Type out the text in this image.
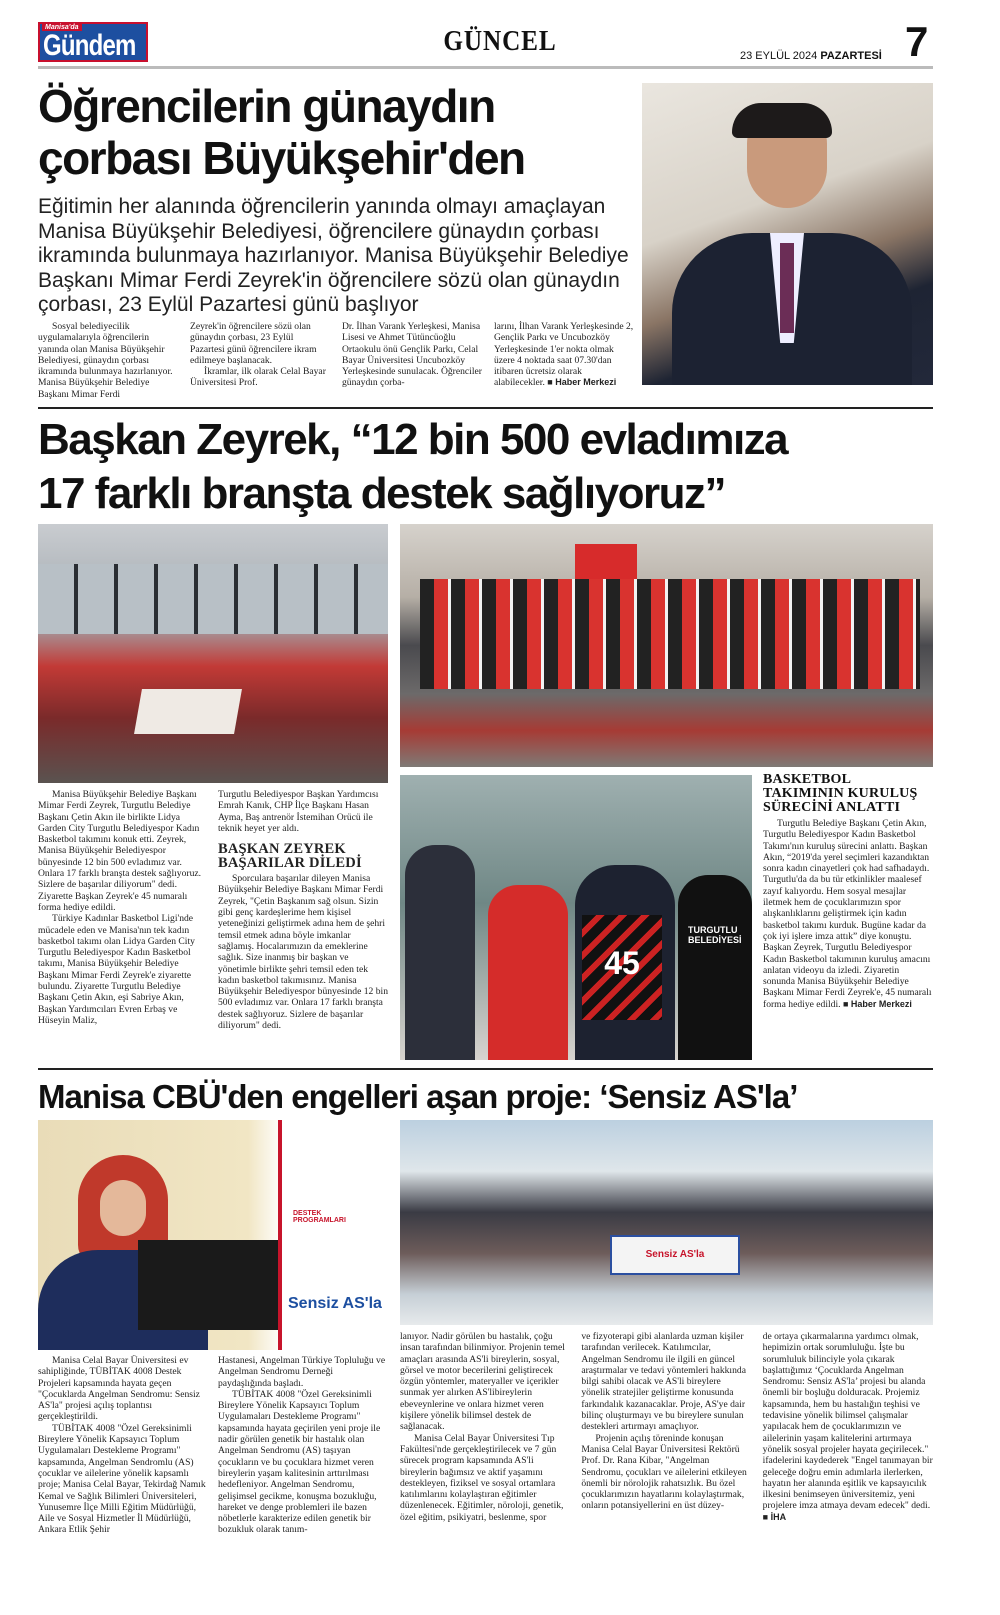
Manisa'da
Gündem	GÜNCEL	23 EYLÜL 2024 PAZARTESİ 7
Öğrencilerin günaydın
çorbası Büyükşehir'den
Eğitimin her alanında öğrencilerin yanında olmayı amaçlayan Manisa Büyükşehir Belediyesi, öğrencilere günaydın çorbası ikramında bulunmaya hazırlanıyor. Manisa Büyükşehir Belediye Başkanı Mimar Ferdi Zeyrek'in öğrencilere sözü olan günaydın çorbası, 23 Eylül Pazartesi günü başlıyor

Sosyal belediyecilik uygulamalarıyla öğrencilerin yanında olan Manisa Büyükşehir Belediyesi, günaydın çorbası ikramında bulunmaya hazırlanıyor. Manisa Büyükşehir Belediye Başkanı Mimar Ferdi

Zeyrek'in öğrencilere sözü olan günaydın çorbası, 23 Eylül Pazartesi günü öğrencilere ikram edilmeye başlanacak.

İkramlar, ilk olarak Celal Bayar Üniversitesi Prof.

Dr. İlhan Varank Yerleşkesi, Manisa Lisesi ve Ahmet Tütüncüoğlu Ortaokulu önü Gençlik Parkı, Celal Bayar Üniversitesi Uncubozköy Yerleşkesinde sunulacak. Öğrenciler günaydın çorba-

larını, İlhan Varank Yerleşkesinde 2, Gençlik Parkı ve Uncubozköy Yerleşkesinde 1'er nokta olmak üzere 4 noktada saat 07.30'dan itibaren ücretsiz olarak alabilecekler. ■ Haber Merkezi

Başkan Zeyrek, “12 bin 500 evladımıza
17 farklı branşta destek sağlıyoruz”
45
TURGUTLU BELEDİYESİ

Manisa Büyükşehir Belediye Başkanı Mimar Ferdi Zeyrek, Turgutlu Belediye Başkanı Çetin Akın ile birlikte Lidya Garden City Turgutlu Belediyespor Kadın Basketbol takımını konuk etti. Zeyrek, Manisa Büyükşehir Belediyespor bünyesinde 12 bin 500 evladımız var. Onlara 17 farklı branşta destek sağlıyoruz. Sizlere de başarılar diliyorum" dedi. Ziyarette Başkan Zeyrek'e 45 numaralı forma hediye edildi.

Türkiye Kadınlar Basketbol Ligi'nde mücadele eden ve Manisa'nın tek kadın basketbol takımı olan Lidya Garden City Turgutlu Belediyespor Kadın Basketbol takımı, Manisa Büyükşehir Belediye Başkanı Mimar Ferdi Zeyrek'e ziyarette bulundu. Ziyarette Turgutlu Belediye Başkanı Çetin Akın, eşi Sabriye Akın, Başkan Yardımcıları Evren Erbaş ve Hüseyin Maliz,

Turgutlu Belediyespor Başkan Yardımcısı Emrah Kanık, CHP İlçe Başkanı Hasan Ayma, Baş antrenör İstemihan Orücü ile teknik heyet yer aldı.

BAŞKAN ZEYREK BAŞARILAR DİLEDİ

Sporculara başarılar dileyen Manisa Büyükşehir Belediye Başkanı Mimar Ferdi Zeyrek, "Çetin Başkanım sağ olsun. Sizin gibi genç kardeşlerime hem kişisel yeteneğinizi geliştirmek adına hem de şehri temsil etmek adına böyle imkanlar sağlamış. Hocalarımızın da emeklerine sağlık. Size inanmış bir başkan ve yönetimle birlikte şehri temsil eden tek kadın basketbol takımısınız. Manisa Büyükşehir Belediyespor bünyesinde 12 bin 500 evladımız var. Onlara 17 farklı branşta destek sağlıyoruz. Sizlere de başarılar diliyorum" dedi.

BASKETBOL TAKIMININ KURULUŞ SÜRECİNİ ANLATTI

Turgutlu Belediye Başkanı Çetin Akın, Turgutlu Belediyespor Kadın Basketbol Takımı'nın kuruluş sürecini anlattı. Başkan Akın, “2019'da yerel seçimleri kazandıktan sonra kadın cinayetleri çok had safhadaydı. Turgutlu'da da bu tür etkinlikler maalesef zayıf kalıyordu. Hem sosyal mesajlar iletmek hem de çocuklarımızın spor alışkanlıklarını geliştirmek için kadın basketbol takımı kurduk. Bugüne kadar da çok iyi işlere imza attık” diye konuştu. Başkan Zeyrek, Turgutlu Belediyespor Kadın Basketbol takımının kuruluş amacını anlatan videoyu da izledi. Ziyaretin sonunda Manisa Büyükşehir Belediye Başkanı Mimar Ferdi Zeyrek'e, 45 numaralı forma hediye edildi. ■ Haber Merkezi

Manisa CBÜ'den engelleri aşan proje: ‘Sensiz AS'la’
Sensiz AS'la
DESTEK PROGRAMLARI
Sensiz AS'la

Manisa Celal Bayar Üniversitesi ev sahipliğinde, TÜBİTAK 4008 Destek Projeleri kapsamında hayata geçen "Çocuklarda Angelman Sendromu: Sensiz AS'la" projesi açılış toplantısı gerçekleştirildi.

TÜBİTAK 4008 "Özel Gereksinimli Bireylere Yönelik Kapsayıcı Toplum Uygulamaları Destekleme Programı" kapsamında, Angelman Sendromlu (AS) çocuklar ve ailelerine yönelik kapsamlı proje; Manisa Celal Bayar, Tekirdağ Namık Kemal ve Sağlık Bilimleri Üniversiteleri, Yunusemre İlçe Milli Eğitim Müdürlüğü, Aile ve Sosyal Hizmetler İl Müdürlüğü, Ankara Etlik Şehir

Hastanesi, Angelman Türkiye Topluluğu ve Angelman Sendromu Derneği paydaşlığında başladı.

TÜBİTAK 4008 "Özel Gereksinimli Bireylere Yönelik Kapsayıcı Toplum Uygulamaları Destekleme Programı" kapsamında hayata geçirilen yeni proje ile nadir görülen genetik bir hastalık olan Angelman Sendromu (AS) taşıyan çocukların ve bu çocuklara hizmet veren bireylerin yaşam kalitesinin arttırılması hedefleniyor. Angelman Sendromu, gelişimsel gecikme, konuşma bozukluğu, hareket ve denge problemleri ile bazen nöbetlerle karakterize edilen genetik bir bozukluk olarak tanım-

lanıyor. Nadir görülen bu hastalık, çoğu insan tarafından bilinmiyor. Projenin temel amaçları arasında AS'li bireylerin, sosyal, görsel ve motor becerilerini geliştirecek özgün yöntemler, materyaller ve içerikler sunmak yer alırken AS'libireylerin ebeveynlerine ve onlara hizmet veren kişilere yönelik bilimsel destek de sağlanacak.

Manisa Celal Bayar Üniversitesi Tıp Fakültesi'nde gerçekleştirilecek ve 7 gün sürecek program kapsamında AS'li bireylerin bağımsız ve aktif yaşamını destekleyen, fiziksel ve sosyal ortamlara katılımlarını kolaylaştıran eğitimler düzenlenecek. Eğitimler, nöroloji, genetik, özel eğitim, psikiyatri, beslenme, spor

ve fizyoterapi gibi alanlarda uzman kişiler tarafından verilecek. Katılımcılar, Angelman Sendromu ile ilgili en güncel araştırmalar ve tedavi yöntemleri hakkında bilgi sahibi olacak ve AS'li bireylere yönelik stratejiler geliştirme konusunda farkındalık kazanacaklar. Proje, AS'ye dair bilinç oluşturmayı ve bu bireylere sunulan destekleri artırmayı amaçlıyor.

Projenin açılış töreninde konuşan Manisa Celal Bayar Üniversitesi Rektörü Prof. Dr. Rana Kibar, "Angelman Sendromu, çocukları ve ailelerini etkileyen önemli bir nörolojik rahatsızlık. Bu özel çocuklarımızın hayatlarını kolaylaştırmak, onların potansiyellerini en üst düzey-

de ortaya çıkarmalarına yardımcı olmak, hepimizin ortak sorumluluğu. İşte bu sorumluluk bilinciyle yola çıkarak başlattığımız ‘Çocuklarda Angelman Sendromu: Sensiz AS'la’ projesi bu alanda önemli bir boşluğu dolduracak. Projemiz kapsamında, hem bu hastalığın teşhisi ve tedavisine yönelik bilimsel çalışmalar yapılacak hem de çocuklarımızın ve ailelerinin yaşam kalitelerini artırmaya yönelik sosyal projeler hayata geçirilecek." ifadelerini kaydederek "Engel tanımayan bir geleceğe doğru emin adımlarla ilerlerken, hayatın her alanında eşitlik ve kapsayıcılık ilkesini benimseyen üniversitemiz, yeni projelere imza atmaya devam edecek" dedi. ■ İHA
